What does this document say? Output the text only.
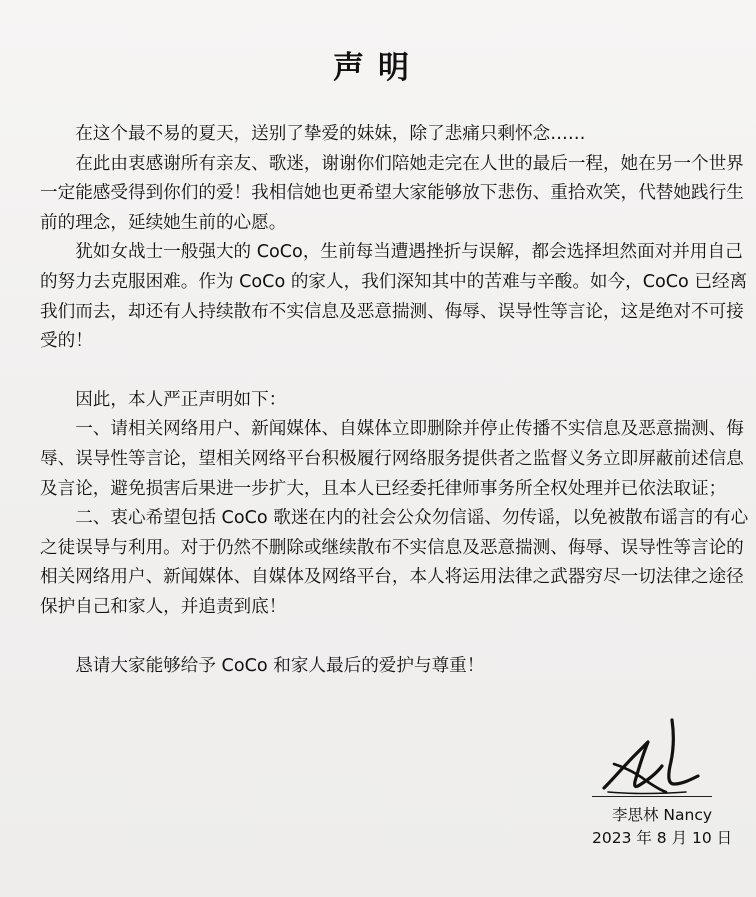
声明

在这个最不易的夏天，送别了挚爱的妹妹，除了悲痛只剩怀念……

在此由衷感谢所有亲友、歌迷，谢谢你们陪她走完在人世的最后一程，她在另一个世界一定能感受得到你们的爱！我相信她也更希望大家能够放下悲伤、重拾欢笑，代替她践行生前的理念，延续她生前的心愿。

犹如女战士一般强大的 CoCo，生前每当遭遇挫折与误解，都会选择坦然面对并用自己的努力去克服困难。作为 CoCo 的家人，我们深知其中的苦难与辛酸。如今，CoCo 已经离我们而去，却还有人持续散布不实信息及恶意揣测、侮辱、误导性等言论，这是绝对不可接受的！

因此，本人严正声明如下：

一、请相关网络用户、新闻媒体、自媒体立即删除并停止传播不实信息及恶意揣测、侮辱、误导性等言论，望相关网络平台积极履行网络服务提供者之监督义务立即屏蔽前述信息及言论，避免损害后果进一步扩大，且本人已经委托律师事务所全权处理并已依法取证；

二、衷心希望包括 CoCo 歌迷在内的社会公众勿信谣、勿传谣，以免被散布谣言的有心之徒误导与利用。对于仍然不删除或继续散布不实信息及恶意揣测、侮辱、误导性等言论的相关网络用户、新闻媒体、自媒体及网络平台，本人将运用法律之武器穷尽一切法律之途径保护自己和家人，并追责到底！

恳请大家能够给予 CoCo 和家人最后的爱护与尊重！

李思林 Nancy
2023 年 8 月 10 日
